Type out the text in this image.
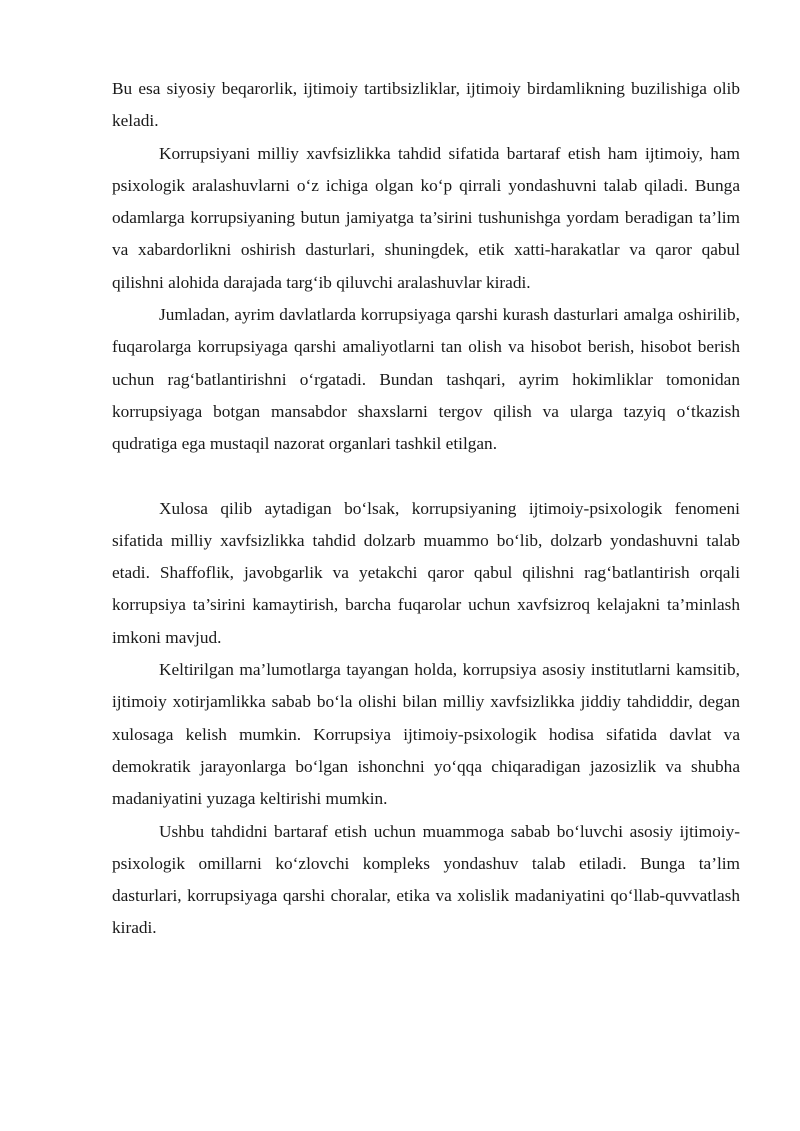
Bu esa siyosiy beqarorlik, ijtimoiy tartibsizliklar, ijtimoiy birdamlikning buzilishiga olib keladi.

Korrupsiyani milliy xavfsizlikka tahdid sifatida bartaraf etish ham ijtimoiy, ham psixologik aralashuvlarni o‘z ichiga olgan ko‘p qirrali yondashuvni talab qiladi. Bunga odamlarga korrupsiyaning butun jamiyatga ta’sirini tushunishga yordam beradigan ta’lim va xabardorlikni oshirish dasturlari, shuningdek, etik xatti-harakatlar va qaror qabul qilishni alohida darajada targ‘ib qiluvchi aralashuvlar kiradi.

Jumladan, ayrim davlatlarda korrupsiyaga qarshi kurash dasturlari amalga oshirilib, fuqarolarga korrupsiyaga qarshi amaliyotlarni tan olish va hisobot berish, hisobot berish uchun rag‘batlantirishni o‘rgatadi. Bundan tashqari, ayrim hokimliklar tomonidan korrupsiyaga botgan mansabdor shaxslarni tergov qilish va ularga tazyiq o‘tkazish qudratiga ega mustaqil nazorat organlari tashkil etilgan.

Xulosa qilib aytadigan bo‘lsak, korrupsiyaning ijtimoiy-psixologik fenomeni sifatida milliy xavfsizlikka tahdid dolzarb muammo bo‘lib, dolzarb yondashuvni talab etadi. Shaffoflik, javobgarlik va yetakchi qaror qabul qilishni rag‘batlantirish orqali korrupsiya ta’sirini kamaytirish, barcha fuqarolar uchun xavfsizroq kelajakni ta’minlash imkoni mavjud.

Keltirilgan ma’lumotlarga tayangan holda, korrupsiya asosiy institutlarni kamsitib, ijtimoiy xotirjamlikka sabab bo‘la olishi bilan milliy xavfsizlikka jiddiy tahdiddir, degan xulosaga kelish mumkin. Korrupsiya ijtimoiy-psixologik hodisa sifatida davlat va demokratik jarayonlarga bo‘lgan ishonchni yo‘qqa chiqaradigan jazosizlik va shubha madaniyatini yuzaga keltirishi mumkin.

Ushbu tahdidni bartaraf etish uchun muammoga sabab bo‘luvchi asosiy ijtimoiy-psixologik omillarni ko‘zlovchi kompleks yondashuv talab etiladi. Bunga ta’lim dasturlari, korrupsiyaga qarshi choralar, etika va xolislik madaniyatini qo‘llab-quvvatlash kiradi.
